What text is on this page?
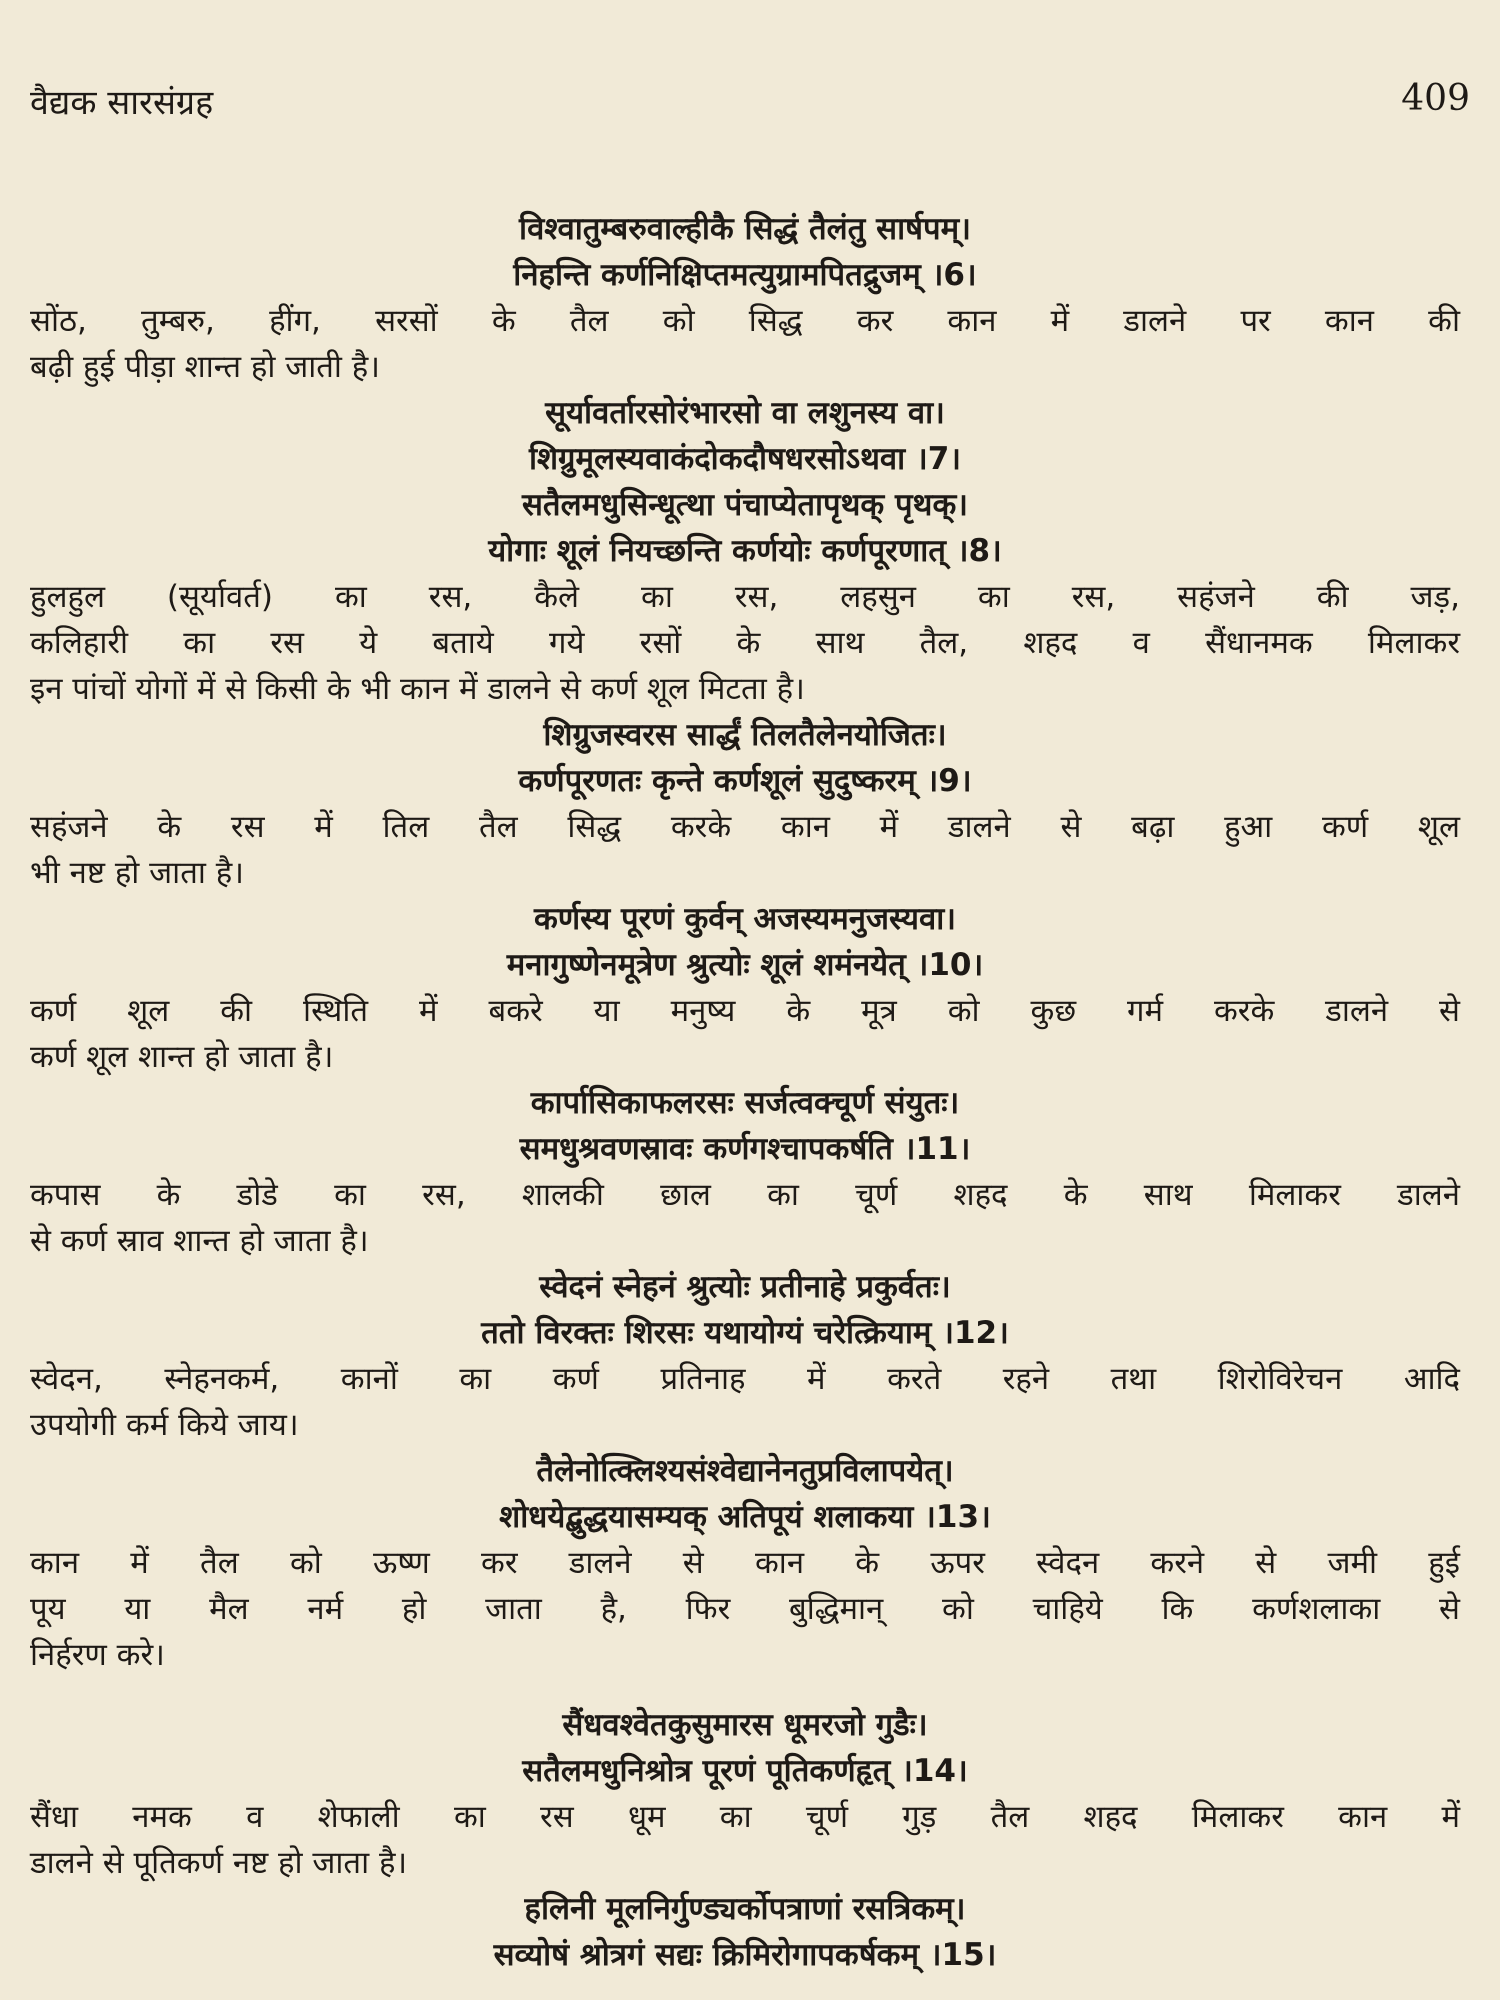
वैद्यक सारसंग्रह	409
विश्वातुम्बरुवाल्हीकै सिद्धं तैलंतु सार्षपम्।
निहन्ति कर्णनिक्षिप्तमत्युग्रामपितद्रुजम् ।6।
सोंठ, तुम्बरु, हींग, सरसों के तैल को सिद्ध कर कान में डालने पर कान की
बढ़ी हुई पीड़ा शान्त हो जाती है।
सूर्यावर्तारसोरंभारसो वा लशुनस्य वा।
शिग्रुमूलस्यवाकंदोकदौषधरसोऽथवा ।7।
सतैलमधुसिन्धूत्था पंचाप्येतापृथक् पृथक्।
योगाः शूलं नियच्छन्ति कर्णयोः कर्णपूरणात् ।8।
हुलहुल (सूर्यावर्त) का रस, कैले का रस, लहसुन का रस, सहंजने की जड़,
कलिहारी का रस ये बताये गये रसों के साथ तैल, शहद व सैंधानमक मिलाकर
इन पांचों योगों में से किसी के भी कान में डालने से कर्ण शूल मिटता है।
शिग्रुजस्वरस सार्द्धं तिलतैलेनयोजितः।
कर्णपूरणतः कृन्ते कर्णशूलं सुदुष्करम् ।9।
सहंजने के रस में तिल तैल सिद्ध करके कान में डालने से बढ़ा हुआ कर्ण शूल
भी नष्ट हो जाता है।
कर्णस्य पूरणं कुर्वन् अजस्यमनुजस्यवा।
मनागुष्णेनमूत्रेण श्रुत्योः शूलं शमंनयेत् ।10।
कर्ण शूल की स्थिति में बकरे या मनुष्य के मूत्र को कुछ गर्म करके डालने से
कर्ण शूल शान्त हो जाता है।
कार्पासिकाफलरसः सर्जत्वक्चूर्ण संयुतः।
समधुश्रवणस्रावः कर्णगश्चापकर्षति ।11।
कपास के डोडे का रस, शालकी छाल का चूर्ण शहद के साथ मिलाकर डालने
से कर्ण स्राव शान्त हो जाता है।
स्वेदनं स्नेहनं श्रुत्योः प्रतीनाहे प्रकुर्वतः।
ततो विरक्तः शिरसः यथायोग्यं चरेत्क्रियाम् ।12।
स्वेदन, स्नेहनकर्म, कानों का कर्ण प्रतिनाह में करते रहने तथा शिरोविरेचन आदि
उपयोगी कर्म किये जाय।
तैलेनोत्क्लिश्यसंश्वेद्यानेनतुप्रविलापयेत्।
शोधयेद्बुद्धयासम्यक् अतिपूयं शलाकया ।13।
कान में तैल को ऊष्ण कर डालने से कान के ऊपर स्वेदन करने से जमी हुई
पूय या मैल नर्म हो जाता है, फिर बुद्धिमान् को चाहिये कि कर्णशलाका से
निर्हरण करे।
सैंधवश्वेतकुसुमारस धूमरजो गुडैः।
सतैलमधुनिश्रोत्र पूरणं पूतिकर्णहृत् ।14।
सैंधा नमक व शेफाली का रस धूम का चूर्ण गुड़ तैल शहद मिलाकर कान में
डालने से पूतिकर्ण नष्ट हो जाता है।
हलिनी मूलनिर्गुण्ड्यर्कोपत्राणां रसत्रिकम्।
सव्योषं श्रोत्रगं सद्यः क्रिमिरोगापकर्षकम् ।15।
